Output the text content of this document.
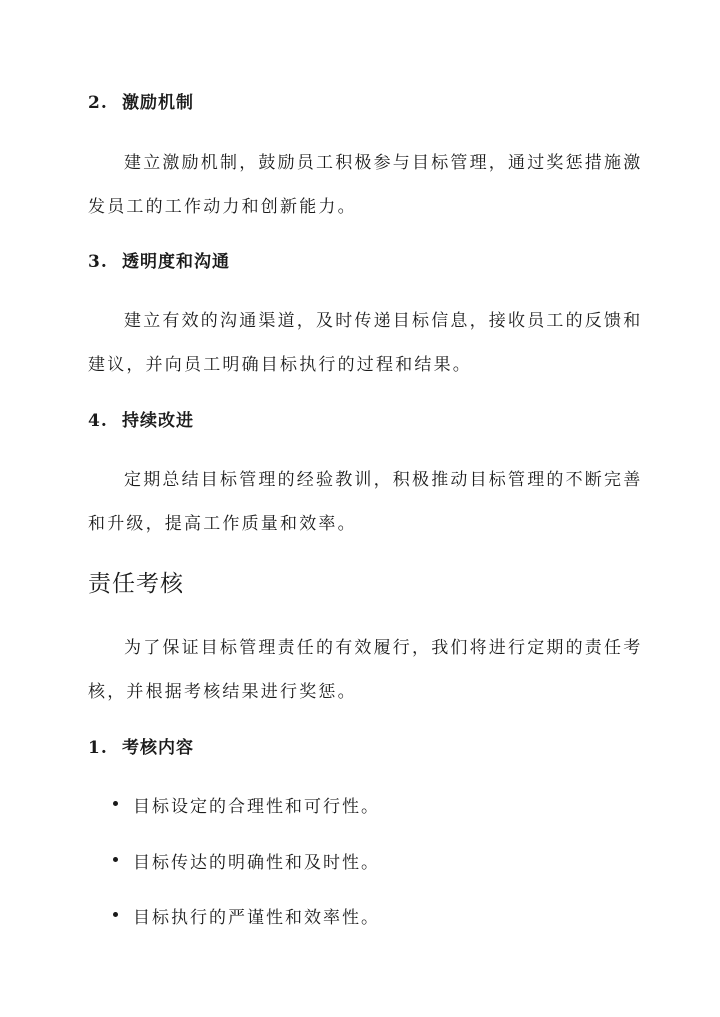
2. 激励机制
建立激励机制，鼓励员工积极参与目标管理，通过奖惩措施激
发员工的工作动力和创新能力。
3. 透明度和沟通
建立有效的沟通渠道，及时传递目标信息，接收员工的反馈和
建议，并向员工明确目标执行的过程和结果。
4. 持续改进
定期总结目标管理的经验教训，积极推动目标管理的不断完善
和升级，提高工作质量和效率。
责任考核
为了保证目标管理责任的有效履行，我们将进行定期的责任考
核，并根据考核结果进行奖惩。
1. 考核内容
目标设定的合理性和可行性。
目标传达的明确性和及时性。
目标执行的严谨性和效率性。
